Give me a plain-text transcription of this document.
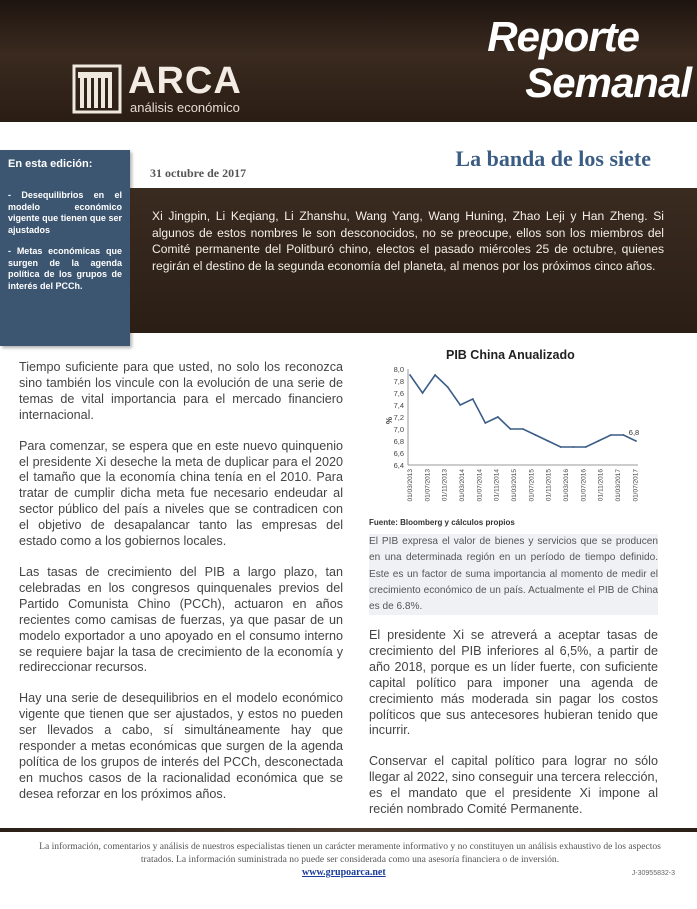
ARCA
análisis económico
Reporte
Semanal
En esta edición:
- Desequilibrios en el modelo económico vigente que tienen que ser ajustados
- Metas económicas que surgen de la agenda política de los grupos de interés del PCCh.
31 octubre de 2017
La banda de los siete
Xi Jingpin, Li Keqiang, Li Zhanshu, Wang Yang, Wang Huning, Zhao Leji y Han Zheng. Si algunos de estos nombres le son desconocidos, no se preocupe, ellos son los miembros del Comité permanente del Politburó chino, electos el pasado miércoles 25 de octubre, quienes regirán el destino de la segunda economía del planeta, al menos por los próximos cinco años.

Tiempo suficiente para que usted, no solo los reconozca sino también los vincule con la evolución de una serie de temas de vital importancia para el mercado financiero internacional.

Para comenzar, se espera que en este nuevo quinquenio el presidente Xi deseche la meta de duplicar para el 2020 el tamaño que la economía china tenía en el 2010. Para tratar de cumplir dicha meta fue necesario endeudar al sector público del país a niveles que se contradicen con el objetivo de desapalancar tanto las empresas del estado como a los gobiernos locales.

Las tasas de crecimiento del PIB a largo plazo, tan celebradas en los congresos quinquenales previos del Partido Comunista Chino (PCCh), actuaron en años recientes como camisas de fuerzas, ya que pasar de un modelo exportador a uno apoyado en el consumo interno se requiere bajar la tasa de crecimiento de la economía y redireccionar recursos.

Hay una serie de desequilibrios en el modelo económico vigente que tienen que ser ajustados, y estos no pueden ser llevados a cabo, sí simultáneamente hay que responder a metas económicas que surgen de la agenda política de los grupos de interés del PCCh, desconectada en muchos casos de la racionalidad económica que se desea reforzar en los próximos años.

PIB China Anualizado
8,0
7,8
7,6
7,4
7,2
7,0
6,8
6,6
6,4
%
01/03/2013 01/07/2013 01/11/2013 01/03/2014 01/07/2014 01/11/2014 01/03/2015 01/07/2015 01/11/2015 01/03/2016 01/07/2016 01/11/2016 01/03/2017 01/07/2017
6,8
Fuente: Bloomberg y cálculos propios
El PIB expresa el valor de bienes y servicios que se producen en una determinada región en un período de tiempo definido. Este es un factor de suma importancia al momento de medir el crecimiento económico de un país. Actualmente el PIB de China es de 6.8%.

El presidente Xi se atreverá a aceptar tasas de crecimiento del PIB inferiores al 6,5%, a partir de año 2018, porque es un líder fuerte, con suficiente capital político para imponer una agenda de crecimiento más moderada sin pagar los costos políticos que sus antecesores hubieran tenido que incurrir.

Conservar el capital político para lograr no sólo llegar al 2022, sino conseguir una tercera relección, es el mandato que el presidente Xi impone al recién nombrado Comité Permanente.

La información, comentarios y análisis de nuestros especialistas tienen un carácter meramente informativo y no constituyen un análisis exhaustivo de los aspectos tratados. La información suministrada no puede ser considerada como una asesoría financiera o de inversión.
www.grupoarca.net	J-30955832-3
